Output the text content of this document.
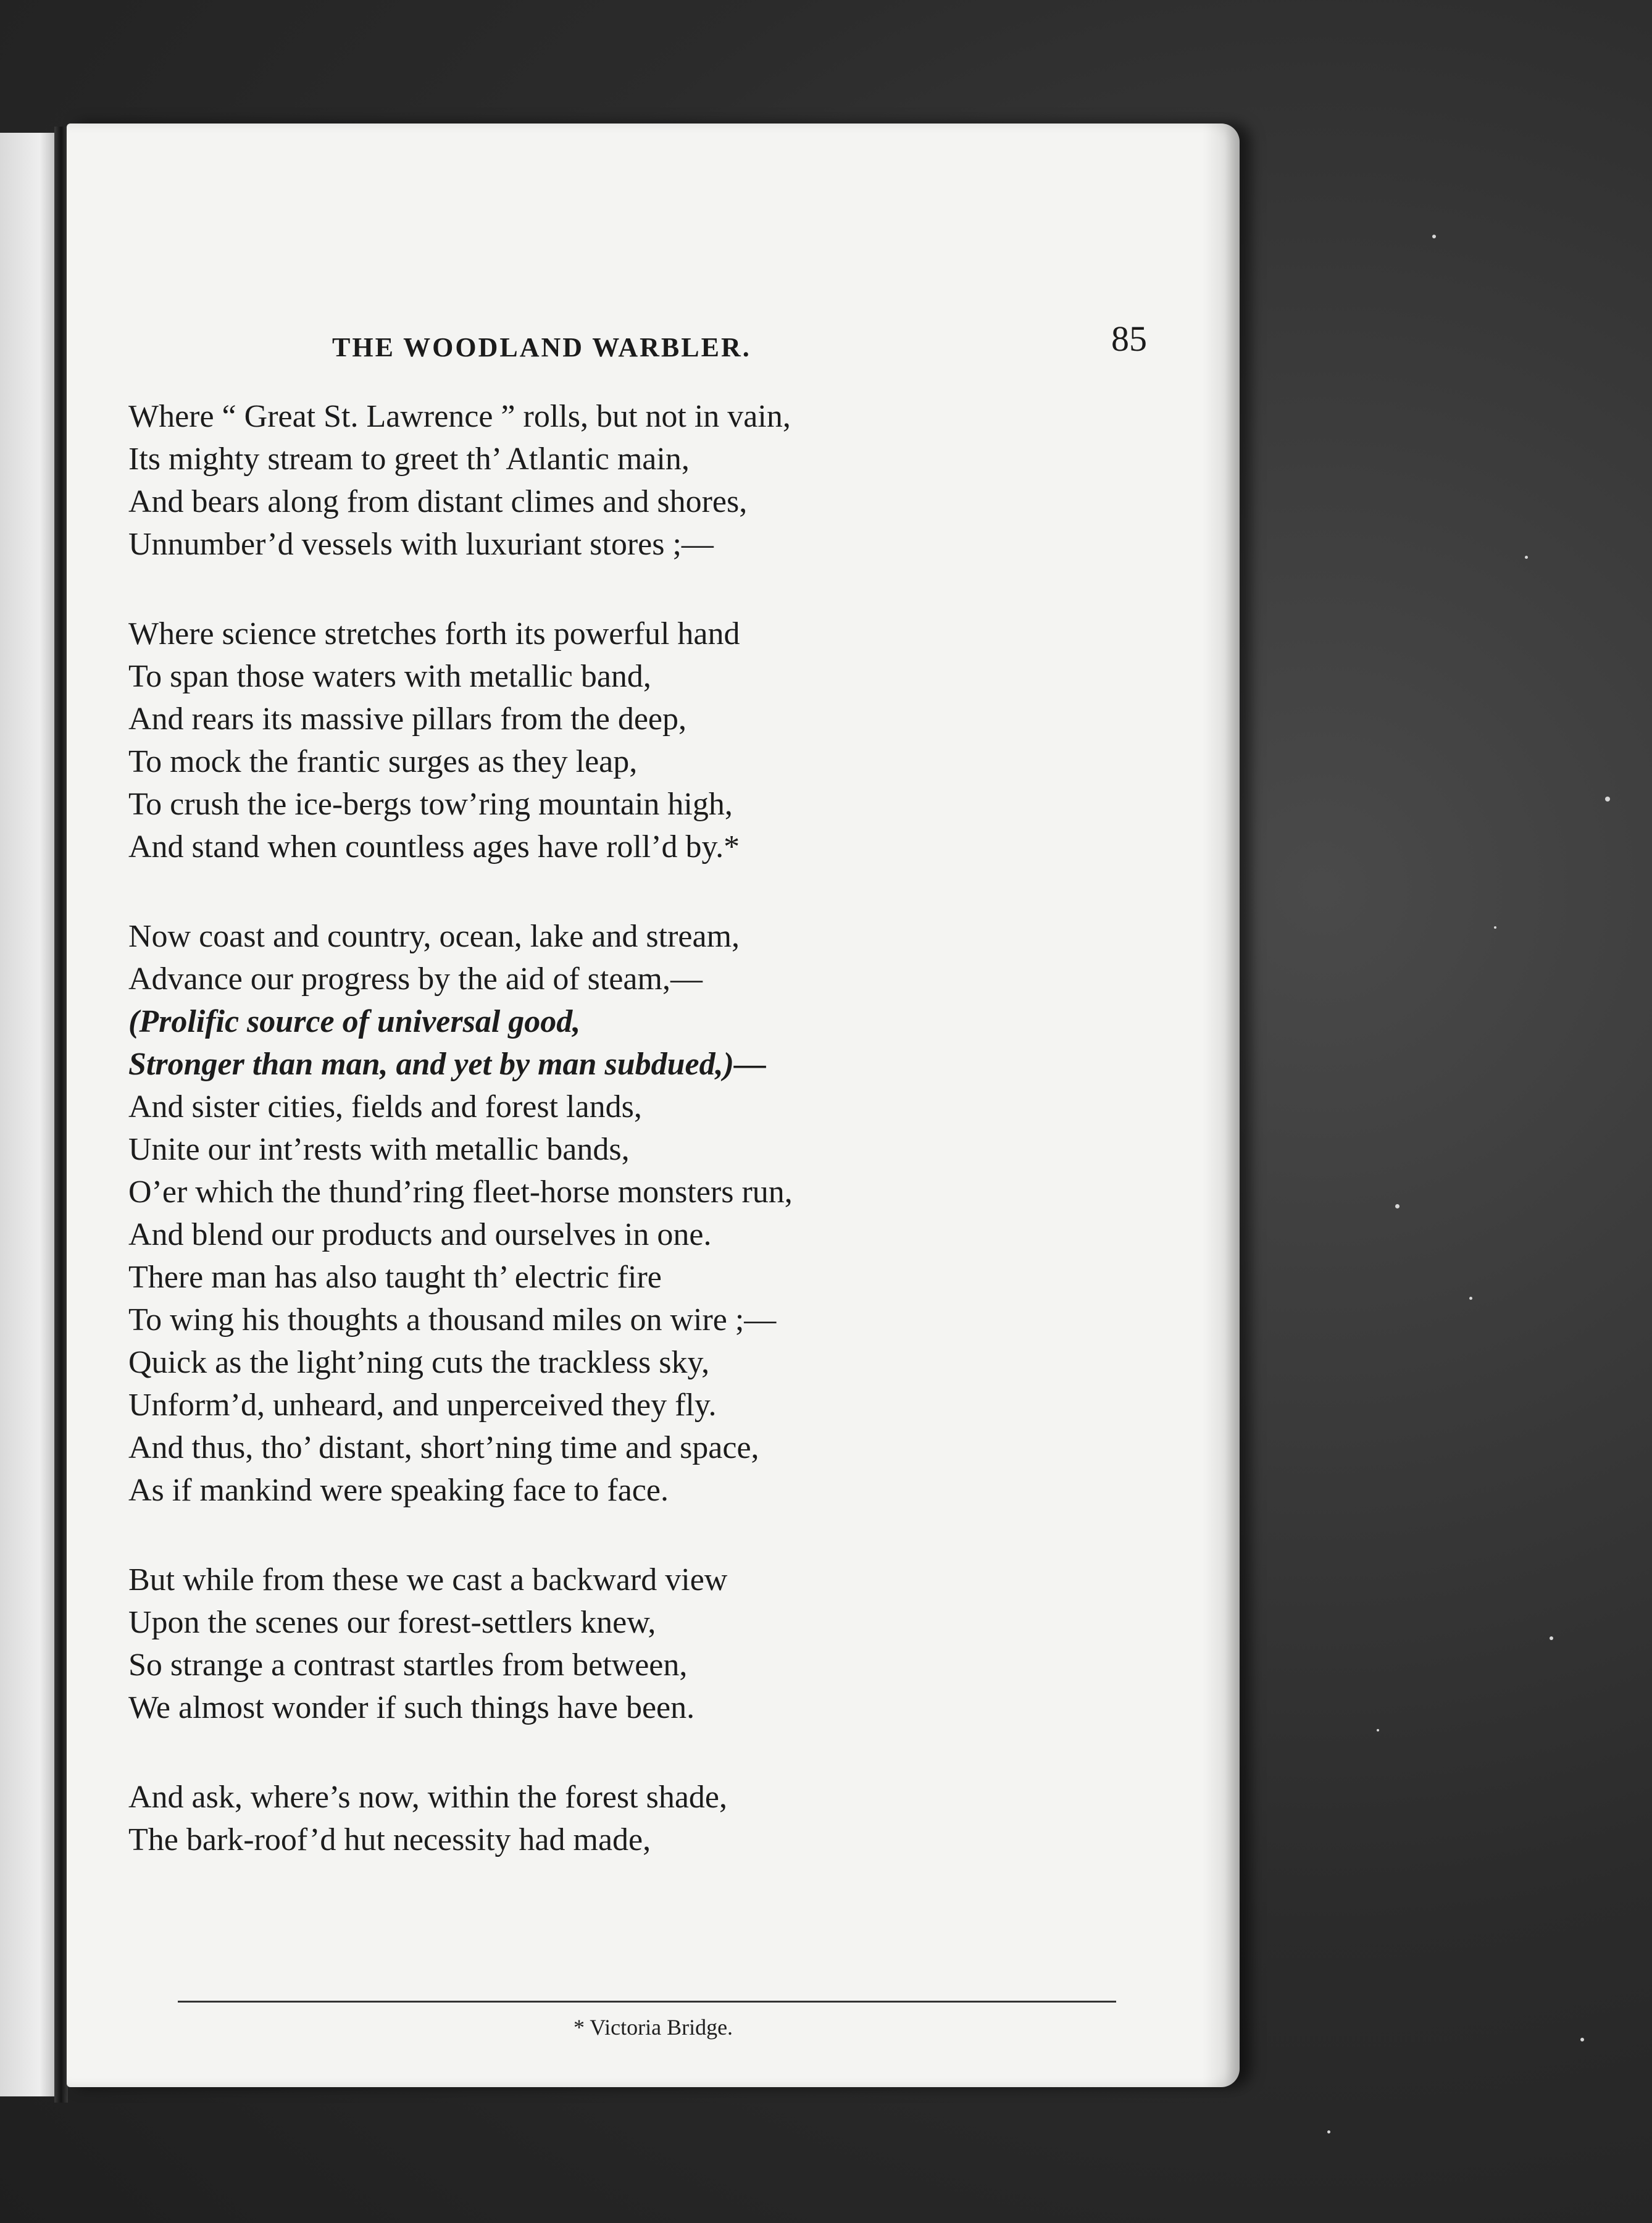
THE WOODLAND WARBLER.	85
Where “ Great St. Lawrence ” rolls, but not in vain,
Its mighty stream to greet th’ Atlantic main,
And bears along from distant climes and shores,
Unnumber’d vessels with luxuriant stores ;—
Where science stretches forth its powerful hand
To span those waters with metallic band,
And rears its massive pillars from the deep,
To mock the frantic surges as they leap,
To crush the ice-bergs tow’ring mountain high,
And stand when countless ages have roll’d by.*
Now coast and country, ocean, lake and stream,
Advance our progress by the aid of steam,—
(Prolific source of universal good,
Stronger than man, and yet by man subdued,)—
And sister cities, fields and forest lands,
Unite our int’rests with metallic bands,
O’er which the thund’ring fleet-horse monsters run,
And blend our products and ourselves in one.
There man has also taught th’ electric fire
To wing his thoughts a thousand miles on wire ;—
Quick as the light’ning cuts the trackless sky,
Unform’d, unheard, and unperceived they fly.
And thus, tho’ distant, short’ning time and space,
As if mankind were speaking face to face.
But while from these we cast a backward view
Upon the scenes our forest-settlers knew,
So strange a contrast startles from between,
We almost wonder if such things have been.
And ask, where’s now, within the forest shade,
The bark-roof’d hut necessity had made,
* Victoria Bridge.
